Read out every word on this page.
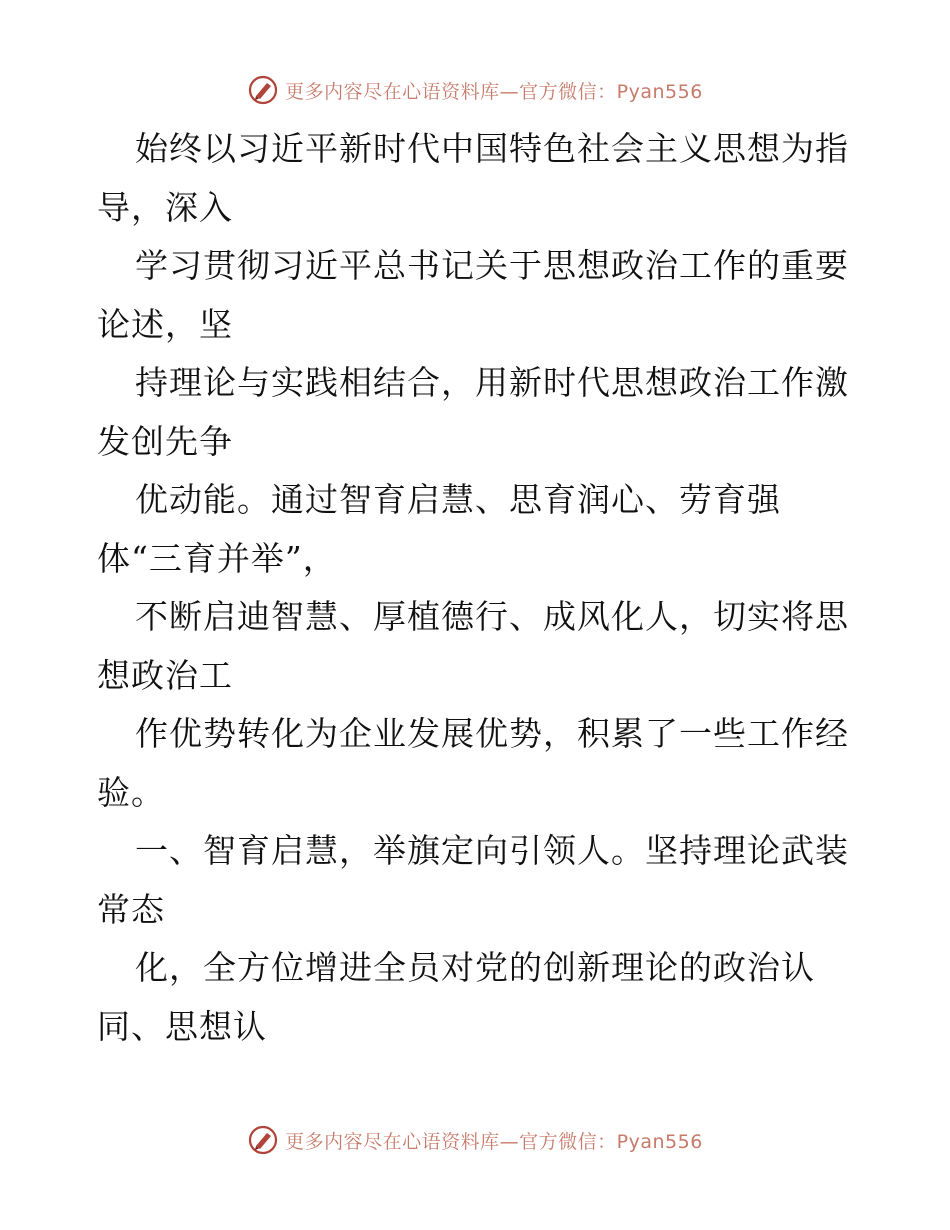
更多内容尽在心语资料库—官方微信：Pyan556
始终以习近平新时代中国特色社会主义思想为指
导，深入
学习贯彻习近平总书记关于思想政治工作的重要
论述，坚
持理论与实践相结合，用新时代思想政治工作激
发创先争
优动能。通过智育启慧、思育润心、劳育强
体“三育并举”，
不断启迪智慧、厚植德行、成风化人，切实将思
想政治工
作优势转化为企业发展优势，积累了一些工作经
验。
一、智育启慧，举旗定向引领人。坚持理论武装
常态
化，全方位增进全员对党的创新理论的政治认
同、思想认
更多内容尽在心语资料库—官方微信：Pyan556
